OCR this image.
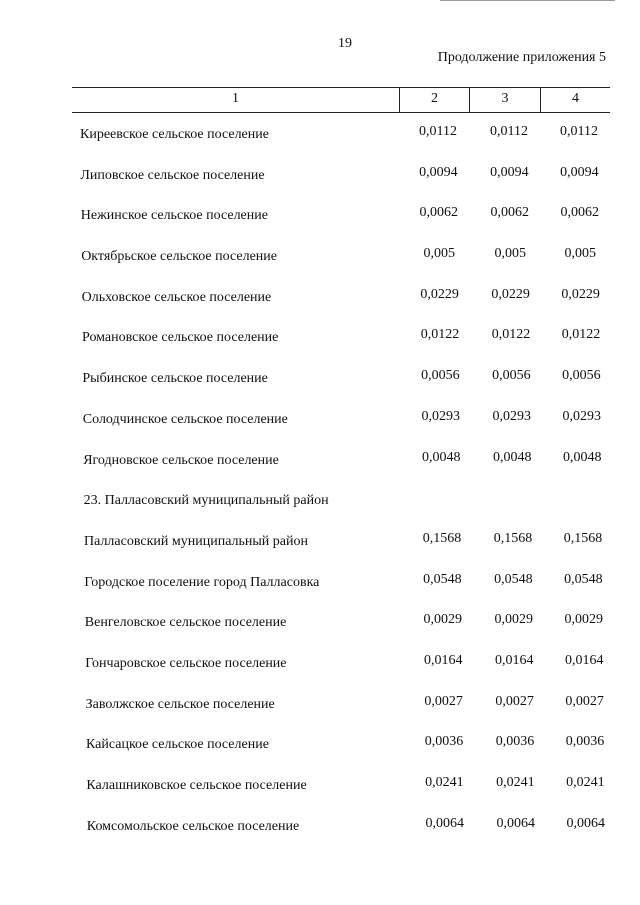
19
Продолжение приложения 5
1	2	3	4
Киреевское сельское поселение	0,0112	0,0112	0,0112
Липовское сельское поселение	0,0094	0,0094	0,0094
Нежинское сельское поселение	0,0062	0,0062	0,0062
Октябрьское сельское поселение	0,005	0,005	0,005
Ольховское сельское поселение	0,0229	0,0229	0,0229
Романовское сельское поселение	0,0122	0,0122	0,0122
Рыбинское сельское поселение	0,0056	0,0056	0,0056
Солодчинское сельское поселение	0,0293	0,0293	0,0293
Ягодновское сельское поселение	0,0048	0,0048	0,0048
23. Палласовский муниципальный район
Палласовский муниципальный район	0,1568	0,1568	0,1568
Городское поселение город Палласовка	0,0548	0,0548	0,0548
Венгеловское сельское поселение	0,0029	0,0029	0,0029
Гончаровское сельское поселение	0,0164	0,0164	0,0164
Заволжское сельское поселение	0,0027	0,0027	0,0027
Кайсацкое сельское поселение	0,0036	0,0036	0,0036
Калашниковское сельское поселение	0,0241	0,0241	0,0241
Комсомольское сельское поселение	0,0064	0,0064	0,0064
